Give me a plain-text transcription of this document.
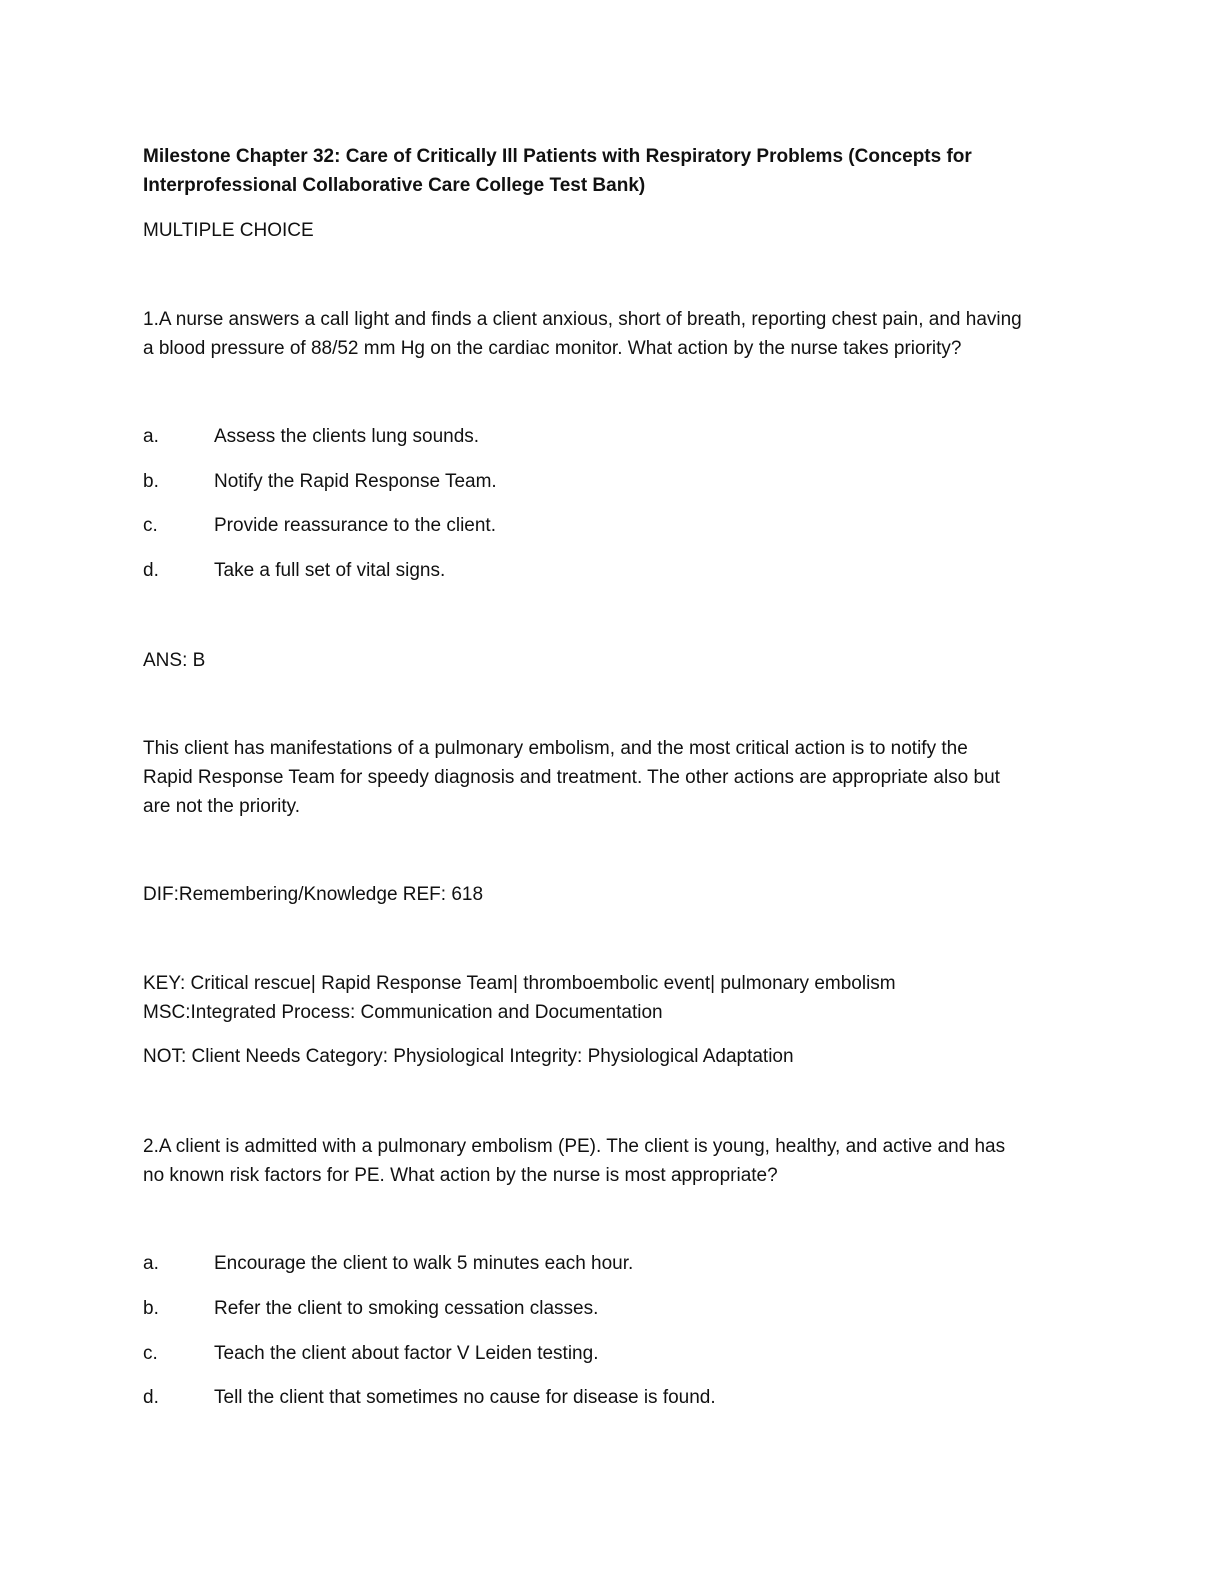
Milestone Chapter 32: Care of Critically Ill Patients with Respiratory Problems (Concepts for
Interprofessional Collaborative Care College Test Bank)
MULTIPLE CHOICE
1.A nurse answers a call light and finds a client anxious, short of breath, reporting chest pain, and having
a blood pressure of 88/52 mm Hg on the cardiac monitor. What action by the nurse takes priority?
a.	Assess the clients lung sounds.
b.	Notify the Rapid Response Team.
c.	Provide reassurance to the client.
d.	Take a full set of vital signs.
ANS: B
This client has manifestations of a pulmonary embolism, and the most critical action is to notify the
Rapid Response Team for speedy diagnosis and treatment. The other actions are appropriate also but
are not the priority.
DIF:Remembering/Knowledge REF: 618
KEY: Critical rescue| Rapid Response Team| thromboembolic event| pulmonary embolism
MSC:Integrated Process: Communication and Documentation
NOT: Client Needs Category: Physiological Integrity: Physiological Adaptation
2.A client is admitted with a pulmonary embolism (PE). The client is young, healthy, and active and has
no known risk factors for PE. What action by the nurse is most appropriate?
a.	Encourage the client to walk 5 minutes each hour.
b.	Refer the client to smoking cessation classes.
c.	Teach the client about factor V Leiden testing.
d.	Tell the client that sometimes no cause for disease is found.
